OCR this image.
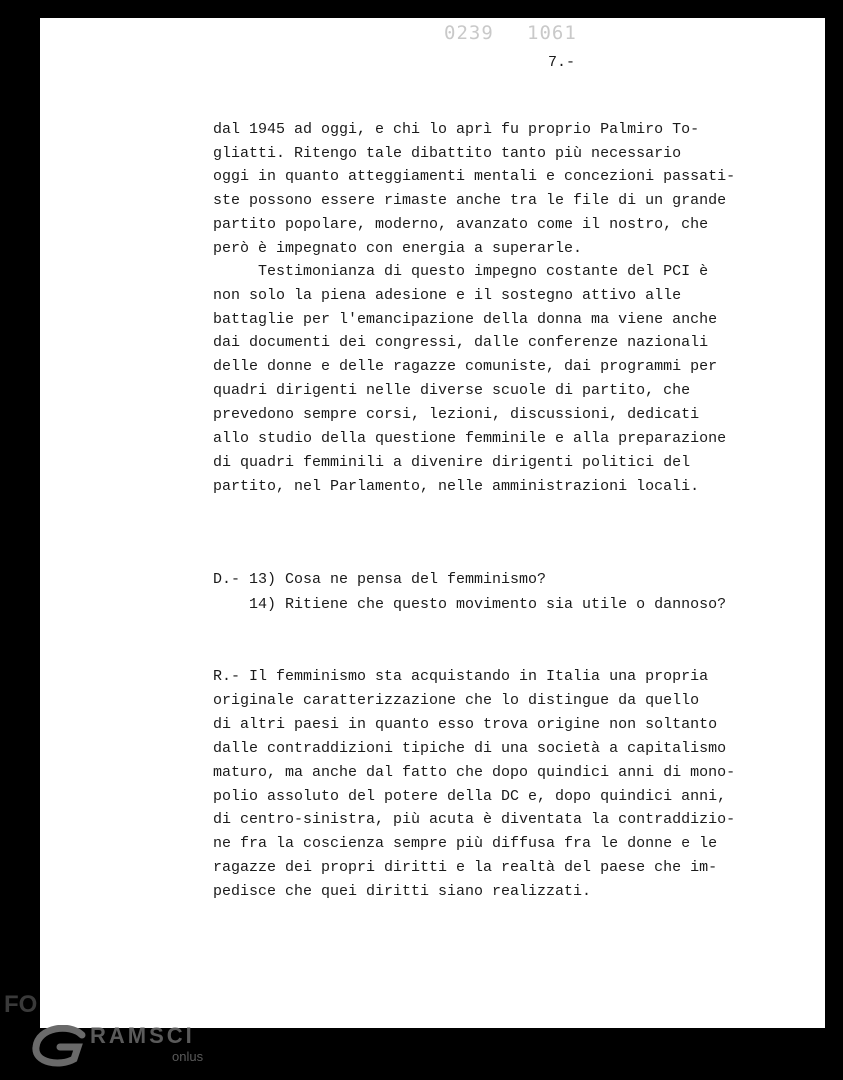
0239 1061
7.-
dal 1945 ad oggi, e chi lo aprì fu proprio Palmiro To-
gliatti. Ritengo tale dibattito tanto più necessario
oggi in quanto atteggiamenti mentali e concezioni passati-
ste possono essere rimaste anche tra le file di un grande
partito popolare, moderno, avanzato come il nostro, che
però è impegnato con energia a superarle.
Testimonianza di questo impegno costante del PCI è
non solo la piena adesione e il sostegno attivo alle
battaglie per l'emancipazione della donna ma viene anche
dai documenti dei congressi, dalle conferenze nazionali
delle donne e delle ragazze comuniste, dai programmi per
quadri dirigenti nelle diverse scuole di partito, che
prevedono sempre corsi, lezioni, discussioni, dedicati
allo studio della questione femminile e alla preparazione
di quadri femminili a divenire dirigenti politici del
partito, nel Parlamento, nelle amministrazioni locali.
D.- 13) Cosa ne pensa del femminismo?
14) Ritiene che questo movimento sia utile o dannoso?
R.- Il femminismo sta acquistando in Italia una propria
originale caratterizzazione che lo distingue da quello
di altri paesi in quanto esso trova origine non soltanto
dalle contraddizioni tipiche di una società a capitalismo
maturo, ma anche dal fatto che dopo quindici anni di mono-
polio assoluto del potere della DC e, dopo quindici anni,
di centro-sinistra, più acuta è diventata la contraddizio-
ne fra la coscienza sempre più diffusa fra le donne e le
ragazze dei propri diritti e la realtà del paese che im-
pedisce che quei diritti siano realizzati.
FO
RAMSCI
onlus
